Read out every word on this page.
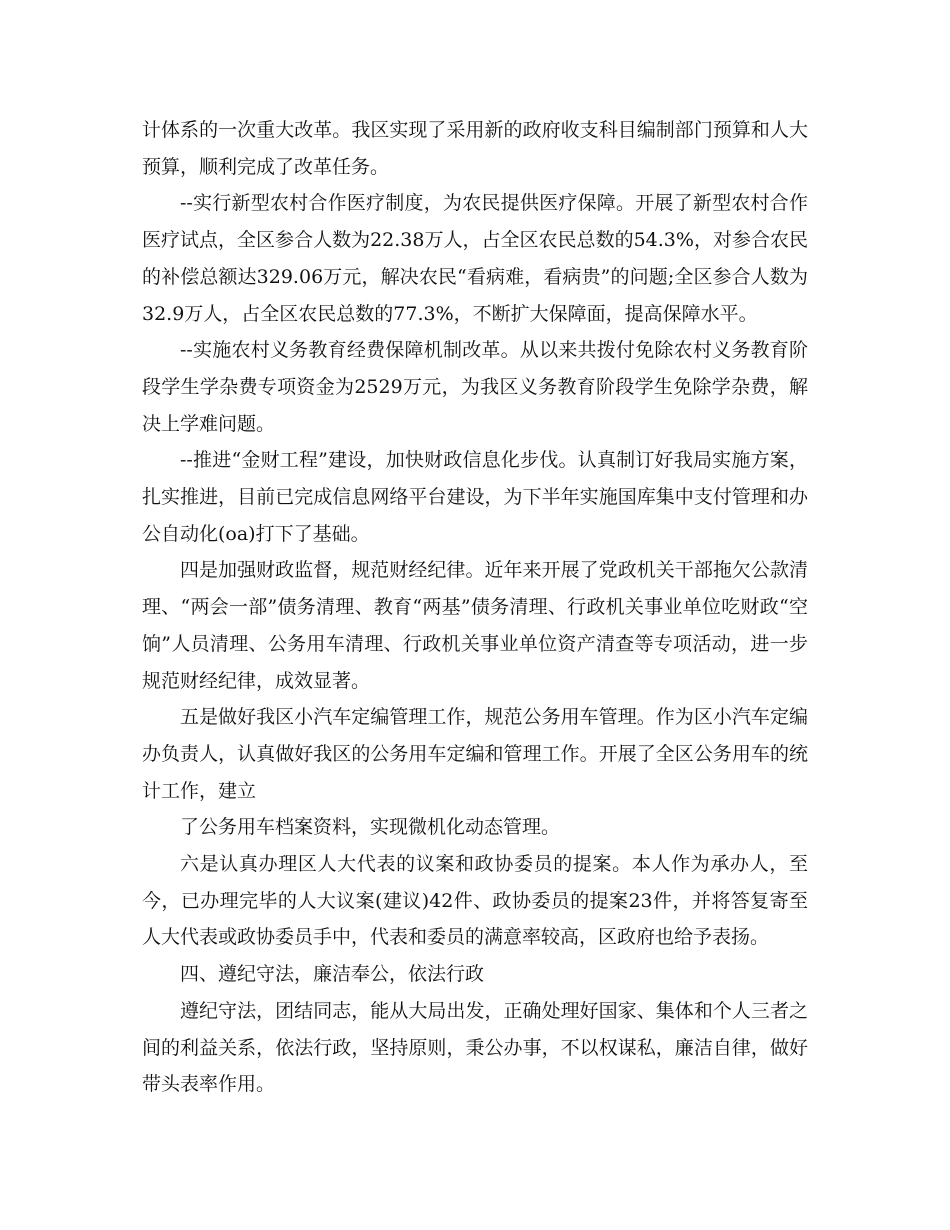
计体系的一次重大改革。我区实现了采用新的政府收支科目编制部门预算和人大预算，顺利完成了改革任务。

--实行新型农村合作医疗制度，为农民提供医疗保障。开展了新型农村合作医疗试点，全区参合人数为22.38万人，占全区农民总数的54.3%，对参合农民的补偿总额达329.06万元，解决农民“看病难，看病贵”的问题;全区参合人数为32.9万人，占全区农民总数的77.3%，不断扩大保障面，提高保障水平。

--实施农村义务教育经费保障机制改革。从以来共拨付免除农村义务教育阶段学生学杂费专项资金为2529万元，为我区义务教育阶段学生免除学杂费，解决上学难问题。

--推进“金财工程”建设，加快财政信息化步伐。认真制订好我局实施方案，扎实推进，目前已完成信息网络平台建设，为下半年实施国库集中支付管理和办公自动化(oa)打下了基础。

四是加强财政监督，规范财经纪律。近年来开展了党政机关干部拖欠公款清理、“两会一部”债务清理、教育“两基”债务清理、行政机关事业单位吃财政“空饷”人员清理、公务用车清理、行政机关事业单位资产清查等专项活动，进一步规范财经纪律，成效显著。

五是做好我区小汽车定编管理工作，规范公务用车管理。作为区小汽车定编办负责人，认真做好我区的公务用车定编和管理工作。开展了全区公务用车的统计工作，建立

了公务用车档案资料，实现微机化动态管理。

六是认真办理区人大代表的议案和政协委员的提案。本人作为承办人，至今，已办理完毕的人大议案(建议)42件、政协委员的提案23件，并将答复寄至人大代表或政协委员手中，代表和委员的满意率较高，区政府也给予表扬。

四、遵纪守法，廉洁奉公，依法行政

遵纪守法，团结同志，能从大局出发，正确处理好国家、集体和个人三者之间的利益关系，依法行政，坚持原则，秉公办事，不以权谋私，廉洁自律，做好带头表率作用。
